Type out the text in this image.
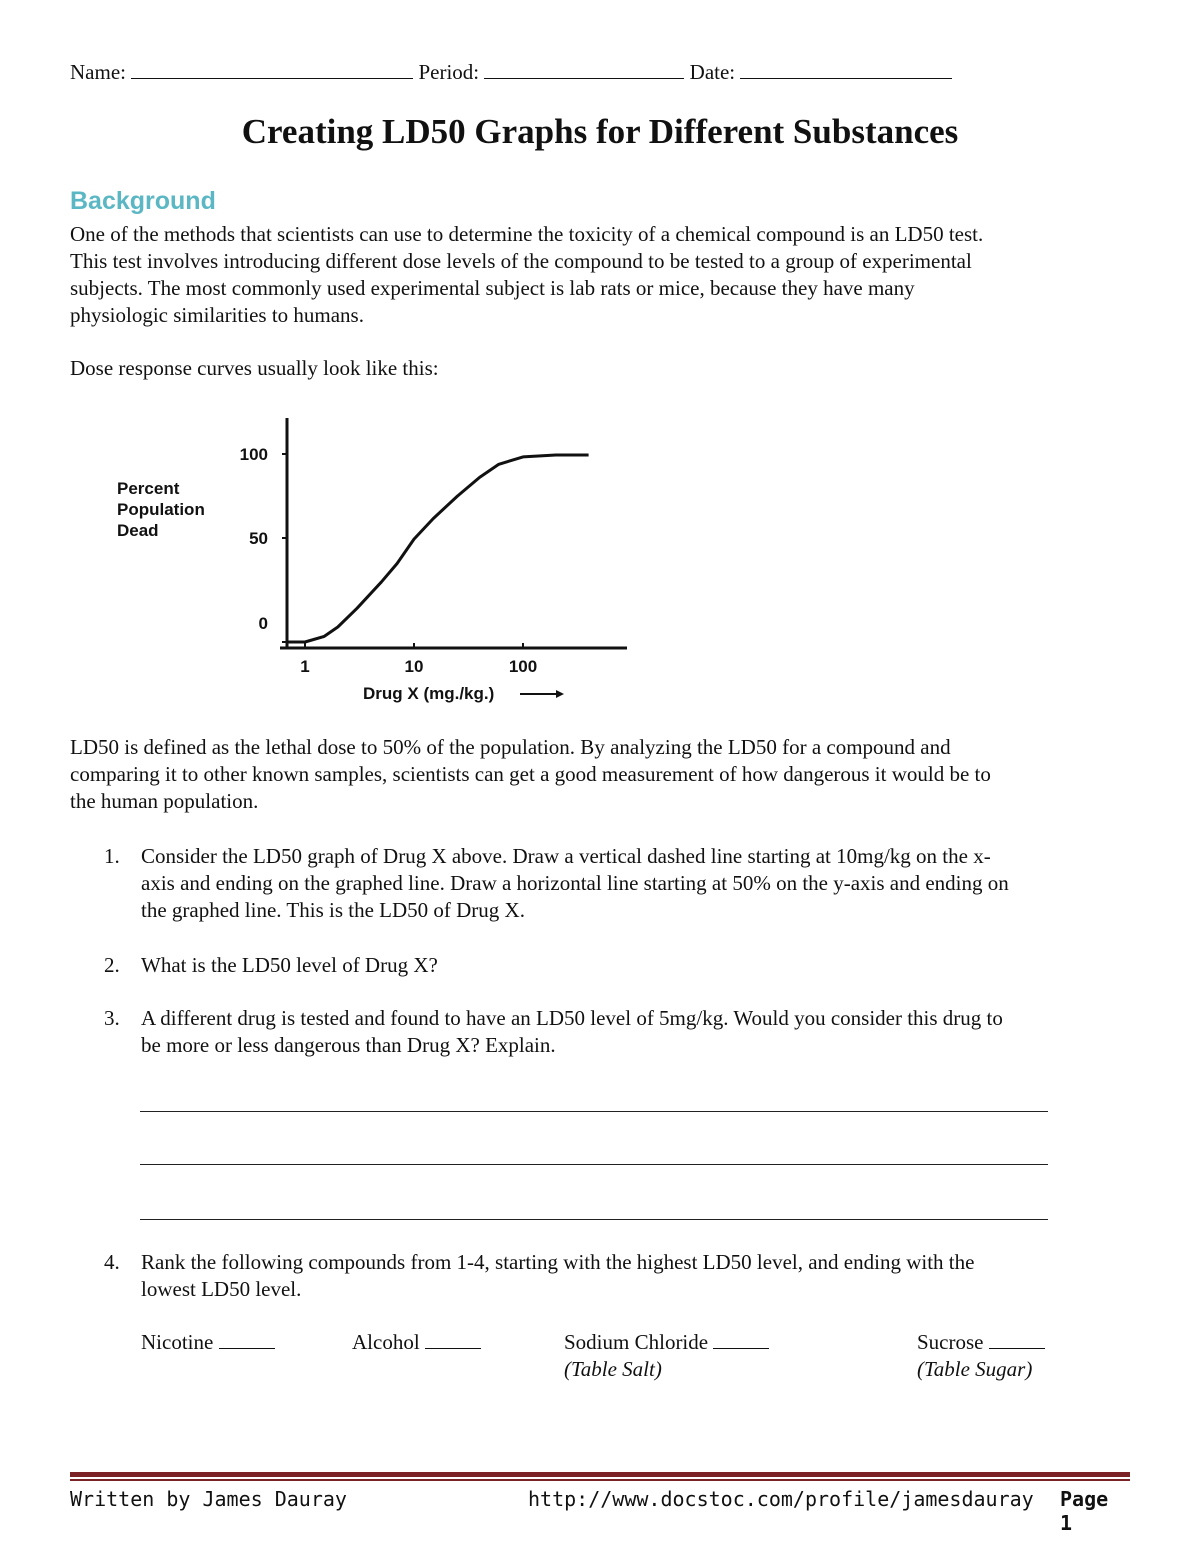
Name:	Period:	Date:
Creating LD50 Graphs for Different Substances
Background
One of the methods that scientists can use to determine the toxicity of a chemical compound is an LD50 test.
This test involves introducing different dose levels of the compound to be tested to a group of experimental
subjects. The most commonly used experimental subject is lab rats or mice, because they have many
physiologic similarities to humans.
Dose response curves usually look like this:
Percent
Population
Dead
100
50
0
1	10	100
Drug X (mg./kg.)
LD50 is defined as the lethal dose to 50% of the population. By analyzing the LD50 for a compound and
comparing it to other known samples, scientists can get a good measurement of how dangerous it would be to
the human population.
1. Consider the LD50 graph of Drug X above. Draw a vertical dashed line starting at 10mg/kg on the x-
axis and ending on the graphed line. Draw a horizontal line starting at 50% on the y-axis and ending on
the graphed line. This is the LD50 of Drug X.
2. What is the LD50 level of Drug X?
3. A different drug is tested and found to have an LD50 level of 5mg/kg. Would you consider this drug to
be more or less dangerous than Drug X? Explain.
4. Rank the following compounds from 1-4, starting with the highest LD50 level, and ending with the
lowest LD50 level.
Nicotine	Alcohol	Sodium Chloride
(Table Salt)
Sucrose
(Table Sugar)
Written by James Dauray	http://www.docstoc.com/profile/jamesdauray Page 1
